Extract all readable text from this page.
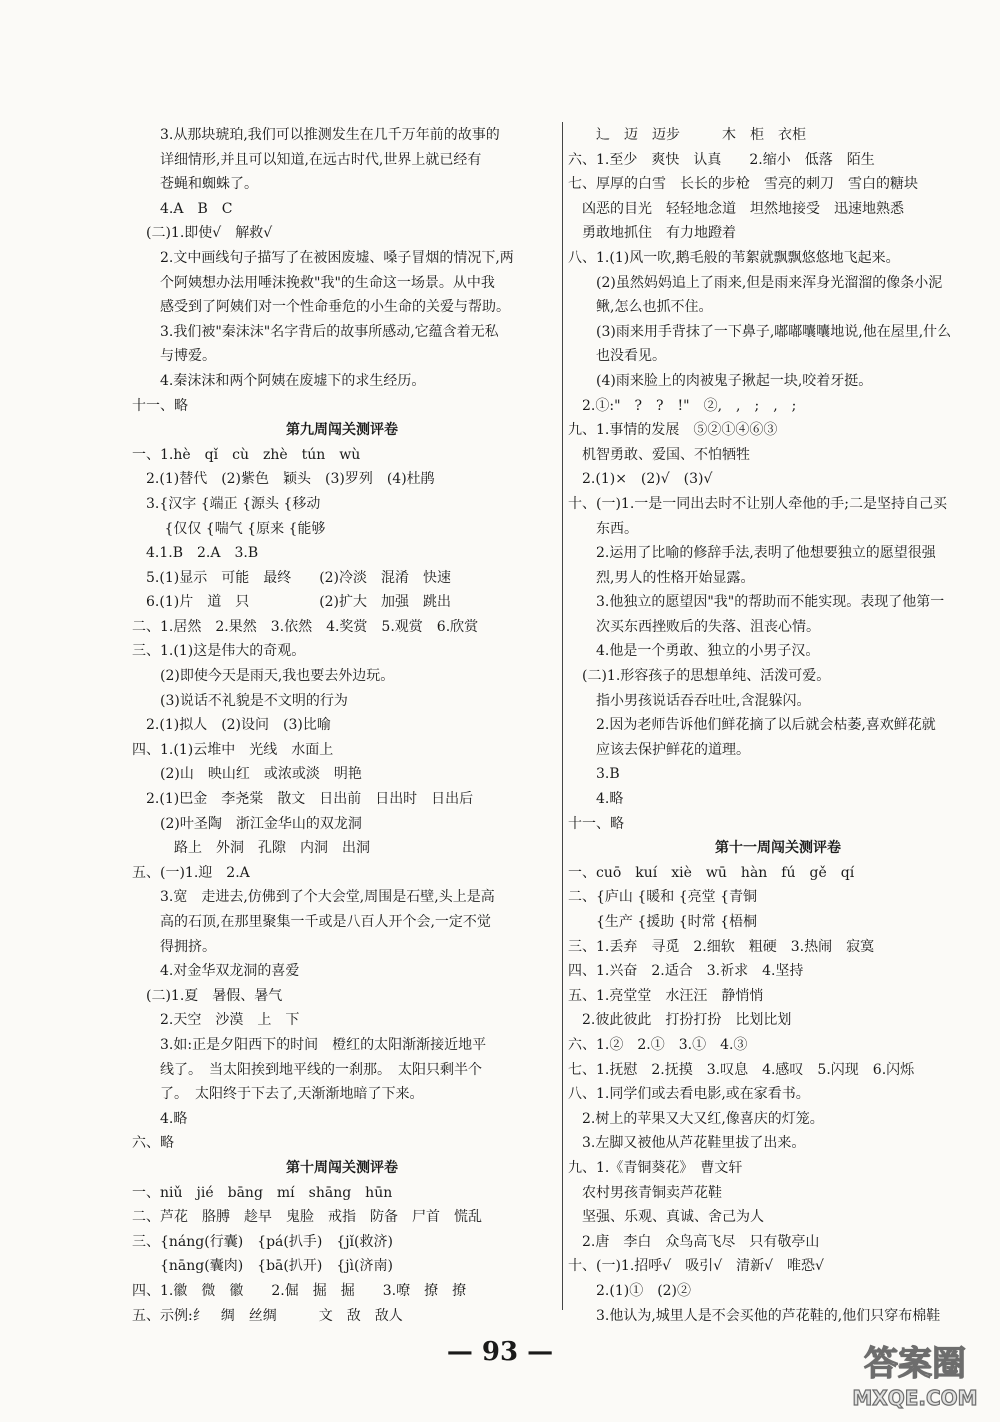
　　3.从那块琥珀,我们可以推测发生在几千万年前的故事的
　　详细情形,并且可以知道,在远古时代,世界上就已经有
　　苍蝇和蜘蛛了。
　　4.A　B　C
　(二)1.即使√　解救√
　　2.文中画线句子描写了在被困废墟、嗓子冒烟的情况下,两
　　个阿姨想办法用唾沫挽救"我"的生命这一场景。从中我
　　感受到了阿姨们对一个性命垂危的小生命的关爱与帮助。
　　3.我们被"秦沫沫"名字背后的故事所感动,它蕴含着无私
　　与博爱。
　　4.秦沫沫和两个阿姨在废墟下的求生经历。
十一、略
第九周闯关测评卷
一、1.hè　qǐ　cù　zhè　tún　wù
　2.(1)替代　(2)紫色　颖头　(3)罗列　(4)杜鹃
　3.{汉字 {端正 {源头 {移动
　　 {仅仅 {喘气 {原来 {能够
　4.1.B　2.A　3.B
　5.(1)显示　可能　最终　　(2)冷淡　混淆　快速
　6.(1)片　道　只　　　　　(2)扩大　加强　跳出
二、1.居然　2.果然　3.依然　4.奖赏　5.观赏　6.欣赏
三、1.(1)这是伟大的奇观。
　　(2)即使今天是雨天,我也要去外边玩。
　　(3)说话不礼貌是不文明的行为
　2.(1)拟人　(2)设问　(3)比喻
四、1.(1)云堆中　光线　水面上
　　(2)山　映山红　或浓或淡　明艳
　2.(1)巴金　李尧棠　散文　日出前　日出时　日出后
　　(2)叶圣陶　浙江金华山的双龙洞
　　　路上　外洞　孔隙　内洞　出洞
五、(一)1.迎　2.A
　　3.宽　走进去,仿佛到了个大会堂,周围是石壁,头上是高
　　高的石顶,在那里聚集一千或是八百人开个会,一定不觉
　　得拥挤。
　　4.对金华双龙洞的喜爱
　(二)1.夏　暑假、暑气
　　2.天空　沙漠　上　下
　　3.如:正是夕阳西下的时间　橙红的太阳渐渐接近地平
　　线了。　当太阳挨到地平线的一刹那。　太阳只剩半个
　　了。　太阳终于下去了,天渐渐地暗了下来。
　　4.略
六、略
第十周闯关测评卷
一、niǔ　jié　bāng　mí　shāng　hūn
二、芦花　胳膊　趁早　鬼脸　戒指　防备　尸首　慌乱
三、{náng(行囊)　{pá(扒手)　{jǐ(救济)
　　{nāng(囊肉)　{bā(扒开)　{jì(济南)
四、1.徽　微　徽　　2.倔　掘　掘　　3.嘹　撩　撩
五、示例:纟　绸　丝绸　　　文　敌　敌人
　　辶　迈　迈步　　　木　柜　衣柜
六、1.至少　爽快　认真　　2.缩小　低落　陌生
七、厚厚的白雪　长长的步枪　雪亮的刺刀　雪白的糖块
　凶恶的目光　轻轻地念道　坦然地接受　迅速地熟悉
　勇敢地抓住　有力地蹬着
八、1.(1)风一吹,鹅毛般的苇絮就飘飘悠悠地飞起来。
　　(2)虽然妈妈追上了雨来,但是雨来浑身光溜溜的像条小泥
　　鳅,怎么也抓不住。
　　(3)雨来用手背抹了一下鼻子,嘟嘟囔囔地说,他在屋里,什么
　　也没看见。
　　(4)雨来脸上的肉被鬼子揪起一块,咬着牙挺。
　2.①:"　?　?　!"　②,　,　;　,　;
九、1.事情的发展　⑤②①④⑥③
　机智勇敢、爱国、不怕牺牲
　2.(1)×　(2)√　(3)√
十、(一)1.一是一同出去时不让别人牵他的手;二是坚持自己买
　　东西。
　　2.运用了比喻的修辞手法,表明了他想要独立的愿望很强
　　烈,男人的性格开始显露。
　　3.他独立的愿望因"我"的帮助而不能实现。表现了他第一
　　次买东西挫败后的失落、沮丧心情。
　　4.他是一个勇敢、独立的小男子汉。
　(二)1.形容孩子的思想单纯、活泼可爱。
　　指小男孩说话吞吞吐吐,含混躲闪。
　　2.因为老师告诉他们鲜花摘了以后就会枯萎,喜欢鲜花就
　　应该去保护鲜花的道理。
　　3.B
　　4.略
十一、略
第十一周闯关测评卷
一、cuō　kuí　xiè　wū　hàn　fú　gě　qí
二、{庐山 {暖和 {亮堂 {青铜
　　{生产 {援助 {时常 {梧桐
三、1.丢弃　寻觅　2.细软　粗硬　3.热闹　寂寞
四、1.兴奋　2.适合　3.祈求　4.坚持
五、1.亮堂堂　水汪汪　静悄悄
　2.彼此彼此　打扮打扮　比划比划
六、1.②　2.①　3.①　4.③
七、1.抚慰　2.抚摸　3.叹息　4.感叹　5.闪现　6.闪烁
八、1.同学们或去看电影,或在家看书。
　2.树上的苹果又大又红,像喜庆的灯笼。
　3.左脚又被他从芦花鞋里拔了出来。
九、1.《青铜葵花》　曹文轩
　农村男孩青铜卖芦花鞋
　坚强、乐观、真诚、舍己为人
　2.唐　李白　众鸟高飞尽　只有敬亭山
十、(一)1.招呼√　吸引√　清新√　唯恐√
　　2.(1)①　(2)②
　　3.他认为,城里人是不会买他的芦花鞋的,他们只穿布棉鞋
— 93 —	答案圈
MXQE.COM
